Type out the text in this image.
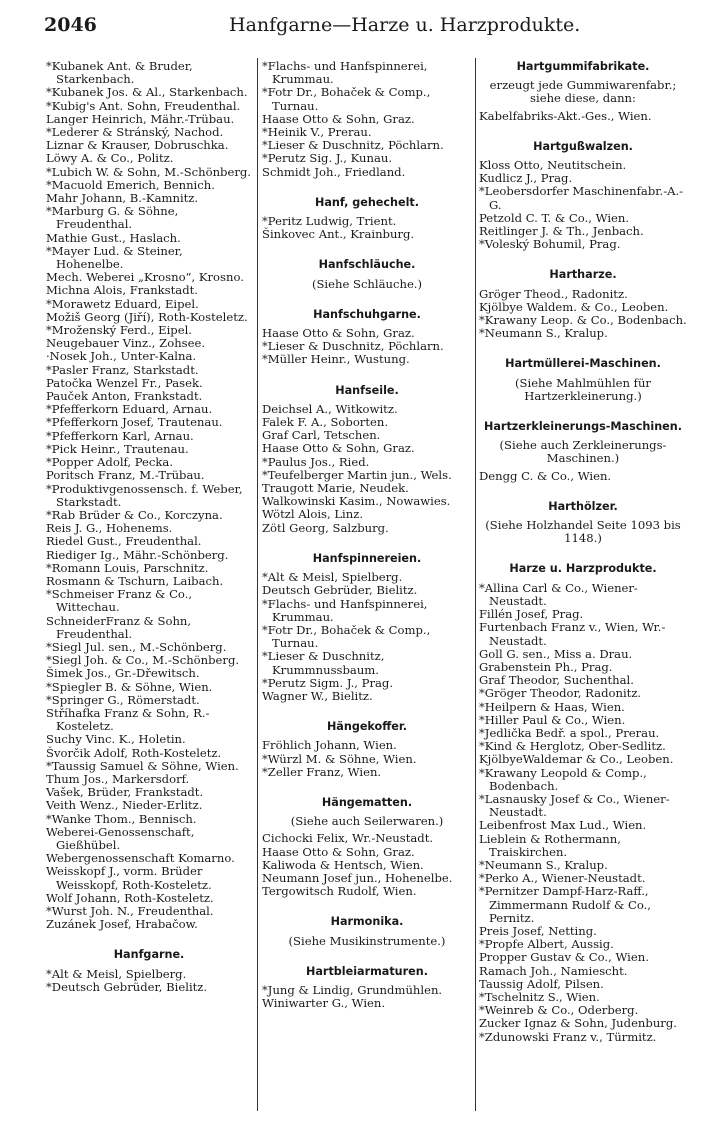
2046	Hanfgarne—Harze u. Harzprodukte.
*Kubanek Ant. & Bruder, Starkenbach.
*Kubanek Jos. & Al., Starkenbach.
*Kubig's Ant. Sohn, Freudenthal.
Langer Heinrich, Mähr.-Trübau.
*Lederer & Stránský, Nachod.
Liznar & Krauser, Dobruschka.
Löwy A. & Co., Politz.
*Lubich W. & Sohn, M.-Schönberg.
*Macuold Emerich, Bennich.
Mahr Johann, B.-Kamnitz.
*Marburg G. & Söhne, Freudenthal.
Mathie Gust., Haslach.
*Mayer Lud. & Steiner, Hohenelbe.
Mech. Weberei „Krosno“, Krosno.
Michna Alois, Frankstadt.
*Morawetz Eduard, Eipel.
Možiš Georg (Jiří), Roth-Kosteletz.
*Mroženský Ferd., Eipel.
Neugebauer Vinz., Zohsee.
·Nosek Joh., Unter-Kalna.
*Pasler Franz, Starkstadt.
Patočka Wenzel Fr., Pasek.
Pauček Anton, Frankstadt.
*Pfefferkorn Eduard, Arnau.
*Pfefferkorn Josef, Trautenau.
*Pfefferkorn Karl, Arnau.
*Pick Heinr., Trautenau.
*Popper Adolf, Pecka.
Poritsch Franz, M.-Trübau.
*Produktivgenossensch. f. Weber, Starkstadt.
*Rab Brüder & Co., Korczyna.
Reis J. G., Hohenems.
Riedel Gust., Freudenthal.
Riediger Ig., Mähr.-Schönberg.
*Romann Louis, Parschnitz.
Rosmann & Tschurn, Laibach.
*Schmeiser Franz & Co., Wittechau.
SchneiderFranz & Sohn, Freudenthal.
*Siegl Jul. sen., M.-Schönberg.
*Siegl Joh. & Co., M.-Schönberg.
Šimek Jos., Gr.-Dřewitsch.
*Spiegler B. & Söhne, Wien.
*Springer G., Römerstadt.
Stříhafka Franz & Sohn, R.-Kosteletz.
Suchy Vinc. K., Holetin.
Švorčik Adolf, Roth-Kosteletz.
*Taussig Samuel & Söhne, Wien.
Thum Jos., Markersdorf.
Vašek, Brüder, Frankstadt.
Veith Wenz., Nieder-Erlitz.
*Wanke Thom., Bennisch.
Weberei-Genossenschaft, Gießhübel.
Webergenossenschaft Komarno.
Weisskopf J., vorm. Brüder Weisskopf, Roth-Kosteletz.
Wolf Johann, Roth-Kosteletz.
*Wurst Joh. N., Freudenthal.
Zuzánek Josef, Hrabačow.
Hanfgarne.
*Alt & Meisl, Spielberg.
*Deutsch Gebrüder, Bielitz.
*Flachs- und Hanfspinnerei, Krummau.
*Fotr Dr., Bohaček & Comp., Turnau.
Haase Otto & Sohn, Graz.
*Heinik V., Prerau.
*Lieser & Duschnitz, Pöchlarn.
*Perutz Sig. J., Kunau.
Schmidt Joh., Friedland.
Hanf, gehechelt.
*Peritz Ludwig, Trient.
Šinkovec Ant., Krainburg.
Hanfschläuche.
(Siehe Schläuche.)
Hanfschuhgarne.
Haase Otto & Sohn, Graz.
*Lieser & Duschnitz, Pöchlarn.
*Müller Heinr., Wustung.
Hanfseile.
Deichsel A., Witkowitz.
Falek F. A., Soborten.
Graf Carl, Tetschen.
Haase Otto & Sohn, Graz.
*Paulus Jos., Ried.
*Teufelberger Martin jun., Wels.
Traugott Marie, Neudek.
Walkowinski Kasim., Nowawies.
Wötzl Alois, Linz.
Zötl Georg, Salzburg.
Hanfspinnereien.
*Alt & Meisl, Spielberg.
Deutsch Gebrüder, Bielitz.
*Flachs- und Hanfspinnerei, Krummau.
*Fotr Dr., Bohaček & Comp., Turnau.
*Lieser & Duschnitz, Krummnussbaum.
*Perutz Sigm. J., Prag.
Wagner W., Bielitz.
Hängekoffer.
Fröhlich Johann, Wien.
*Würzl M. & Söhne, Wien.
*Zeller Franz, Wien.
Hängematten.
(Siehe auch Seilerwaren.)
Cichocki Felix, Wr.-Neustadt.
Haase Otto & Sohn, Graz.
Kaliwoda & Hentsch, Wien.
Neumann Josef jun., Hohenelbe.
Tergowitsch Rudolf, Wien.
Harmonika.
(Siehe Musikinstrumente.)
Hartbleiarmaturen.
*Jung & Lindig, Grundmühlen.
Winiwarter G., Wien.
Hartgummifabrikate.
erzeugt jede Gummiwarenfabr.; siehe diese, dann:
Kabelfabriks-Akt.-Ges., Wien.
Hartgußwalzen.
Kloss Otto, Neutitschein.
Kudlicz J., Prag.
*Leobersdorfer Maschinenfabr.-A.-G.
Petzold C. T. & Co., Wien.
Reitlinger J. & Th., Jenbach.
*Voleský Bohumil, Prag.
Hartharze.
Gröger Theod., Radonitz.
Kjölbye Waldem. & Co., Leoben.
*Krawany Leop. & Co., Bodenbach.
*Neumann S., Kralup.
Hartmüllerei-Maschinen.
(Siehe Mahlmühlen für Hartzerkleinerung.)
Hartzerkleinerungs-Maschinen.
(Siehe auch Zerkleinerungs-Maschinen.)
Dengg C. & Co., Wien.
Harthölzer.
(Siehe Holzhandel Seite 1093 bis 1148.)
Harze u. Harzprodukte.
*Allina Carl & Co., Wiener-Neustadt.
Fillén Josef, Prag.
Furtenbach Franz v., Wien, Wr.-Neustadt.
Goll G. sen., Miss a. Drau.
Grabenstein Ph., Prag.
Graf Theodor, Suchenthal.
*Gröger Theodor, Radonitz.
*Heilpern & Haas, Wien.
*Hiller Paul & Co., Wien.
*Jedlička Bedř. a spol., Prerau.
*Kind & Herglotz, Ober-Sedlitz.
KjölbyeWaldemar & Co., Leoben.
*Krawany Leopold & Comp., Bodenbach.
*Lasnausky Josef & Co., Wiener-Neustadt.
Leibenfrost Max Lud., Wien.
Lieblein & Rothermann, Traiskirchen.
*Neumann S., Kralup.
*Perko A., Wiener-Neustadt.
*Pernitzer Dampf-Harz-Raff., Zimmermann Rudolf & Co., Pernitz.
Preis Josef, Netting.
*Propfe Albert, Aussig.
Propper Gustav & Co., Wien.
Ramach Joh., Namiescht.
Taussig Adolf, Pilsen.
*Tschelnitz S., Wien.
*Weinreb & Co., Oderberg.
Zucker Ignaz & Sohn, Judenburg.
*Zdunowski Franz v., Türmitz.
